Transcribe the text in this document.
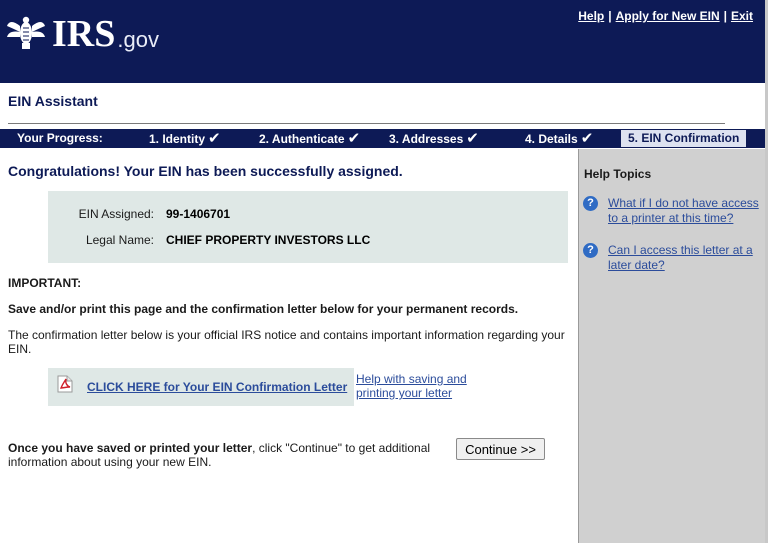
IRS .gov
Help | Apply for New EIN | Exit
EIN Assistant
Your Progress:	1. Identity ✔	2. Authenticate ✔ 3. Addresses ✔	4. Details ✔	5. EIN Confirmation
Congratulations! Your EIN has been successfully assigned.
EIN Assigned: 99-1406701
Legal Name: CHIEF PROPERTY INVESTORS LLC
IMPORTANT:
Save and/or print this page and the confirmation letter below for your permanent records.
The confirmation letter below is your official IRS notice and contains important information regarding your EIN.
CLICK HERE for Your EIN Confirmation Letter
Help with saving and printing your letter
Once you have saved or printed your letter, click "Continue" to get additional information about using your new EIN.
Continue >>
Help Topics
?	What if I do not have access to a printer at this time?
?	Can I access this letter at a later date?
